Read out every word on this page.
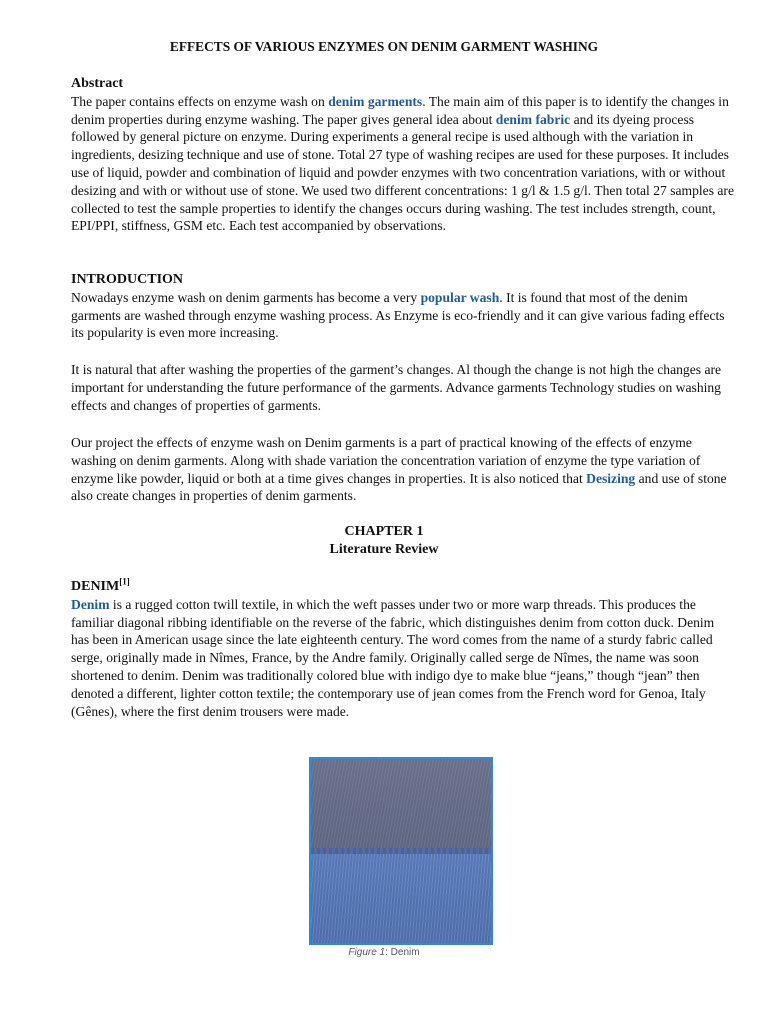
EFFECTS OF VARIOUS ENZYMES ON DENIM GARMENT WASHING
Abstract

The paper contains effects on enzyme wash on denim garments. The main aim of this paper is to identify the changes in denim properties during enzyme washing. The paper gives general idea about denim fabric and its dyeing process followed by general picture on enzyme. During experiments a general recipe is used although with the variation in ingredients, desizing technique and use of stone. Total 27 type of washing recipes are used for these purposes. It includes use of liquid, powder and combination of liquid and powder enzymes with two concentration variations, with or without desizing and with or without use of stone. We used two different concentrations: 1 g/l & 1.5 g/l. Then total 27 samples are collected to test the sample properties to identify the changes occurs during washing. The test includes strength, count, EPI/PPI, stiffness, GSM etc. Each test accompanied by observations.

INTRODUCTION

Nowadays enzyme wash on denim garments has become a very popular wash. It is found that most of the denim garments are washed through enzyme washing process. As Enzyme is eco-friendly and it can give various fading effects its popularity is even more increasing.

It is natural that after washing the properties of the garment’s changes. Al though the change is not high the changes are important for understanding the future performance of the garments. Advance garments Technology studies on washing effects and changes of properties of garments.

Our project the effects of enzyme wash on Denim garments is a part of practical knowing of the effects of enzyme washing on denim garments. Along with shade variation the concentration variation of enzyme the type variation of enzyme like powder, liquid or both at a time gives changes in properties. It is also noticed that Desizing and use of stone also create changes in properties of denim garments.

CHAPTER 1
Literature Review
DENIM[1]

Denim is a rugged cotton twill textile, in which the weft passes under two or more warp threads. This produces the familiar diagonal ribbing identifiable on the reverse of the fabric, which distinguishes denim from cotton duck. Denim has been in American usage since the late eighteenth century. The word comes from the name of a sturdy fabric called serge, originally made in Nîmes, France, by the Andre family. Originally called serge de Nîmes, the name was soon shortened to denim. Denim was traditionally colored blue with indigo dye to make blue “jeans,” though “jean” then denoted a different, lighter cotton textile; the contemporary use of jean comes from the French word for Genoa, Italy (Gênes), where the first denim trousers were made.

Figure 1: Denim
